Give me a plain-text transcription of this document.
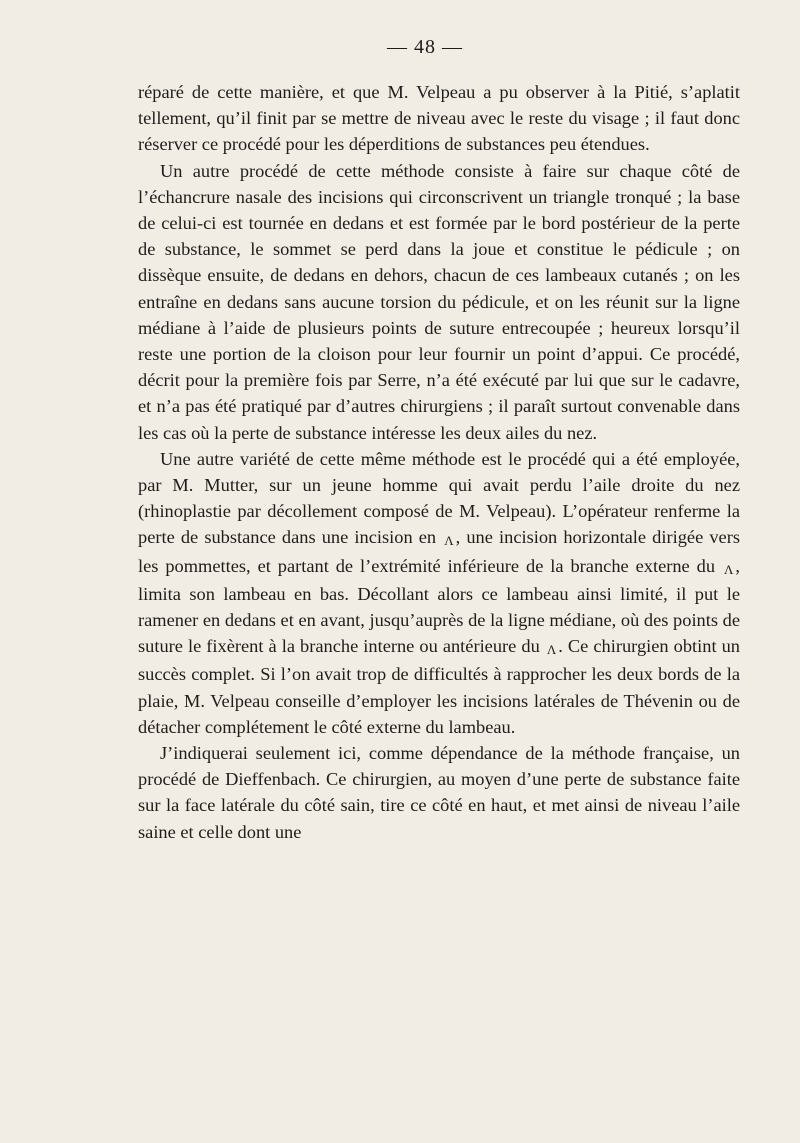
— 48 —

réparé de cette manière, et que M. Velpeau a pu observer à la Pitié, s’aplatit tellement, qu’il finit par se mettre de niveau avec le reste du visage ; il faut donc réserver ce procédé pour les déperditions de substances peu étendues.

Un autre procédé de cette méthode consiste à faire sur chaque côté de l’échancrure nasale des incisions qui circonscrivent un triangle tronqué ; la base de celui-ci est tournée en dedans et est formée par le bord postérieur de la perte de substance, le sommet se perd dans la joue et constitue le pédicule ; on dissèque ensuite, de dedans en dehors, chacun de ces lambeaux cutanés ; on les entraîne en dedans sans aucune torsion du pédicule, et on les réunit sur la ligne médiane à l’aide de plusieurs points de suture entrecoupée ; heureux lorsqu’il reste une portion de la cloison pour leur fournir un point d’appui. Ce procédé, décrit pour la première fois par Serre, n’a été exécuté par lui que sur le cadavre, et n’a pas été pratiqué par d’autres chirurgiens ; il paraît surtout convenable dans les cas où la perte de substance intéresse les deux ailes du nez.

Une autre variété de cette même méthode est le procédé qui a été employée, par M. Mutter, sur un jeune homme qui avait perdu l’aile droite du nez (rhinoplastie par décollement composé de M. Velpeau). L’opérateur renferme la perte de substance dans une incision en Λ , une incision horizontale dirigée vers les pommettes, et partant de l’extrémité inférieure de la branche externe du Λ , limita son lambeau en bas. Décollant alors ce lambeau ainsi limité, il put le ramener en dedans et en avant, jusqu’auprès de la ligne médiane, où des points de suture le fixèrent à la branche interne ou antérieure du Λ . Ce chirurgien obtint un succès complet. Si l’on avait trop de difficultés à rapprocher les deux bords de la plaie, M. Velpeau conseille d’employer les incisions latérales de Thévenin ou de détacher complétement le côté externe du lambeau.

J’indiquerai seulement ici, comme dépendance de la méthode française, un procédé de Dieffenbach. Ce chirurgien, au moyen d’une perte de substance faite sur la face latérale du côté sain, tire ce côté en haut, et met ainsi de niveau l’aile saine et celle dont une
